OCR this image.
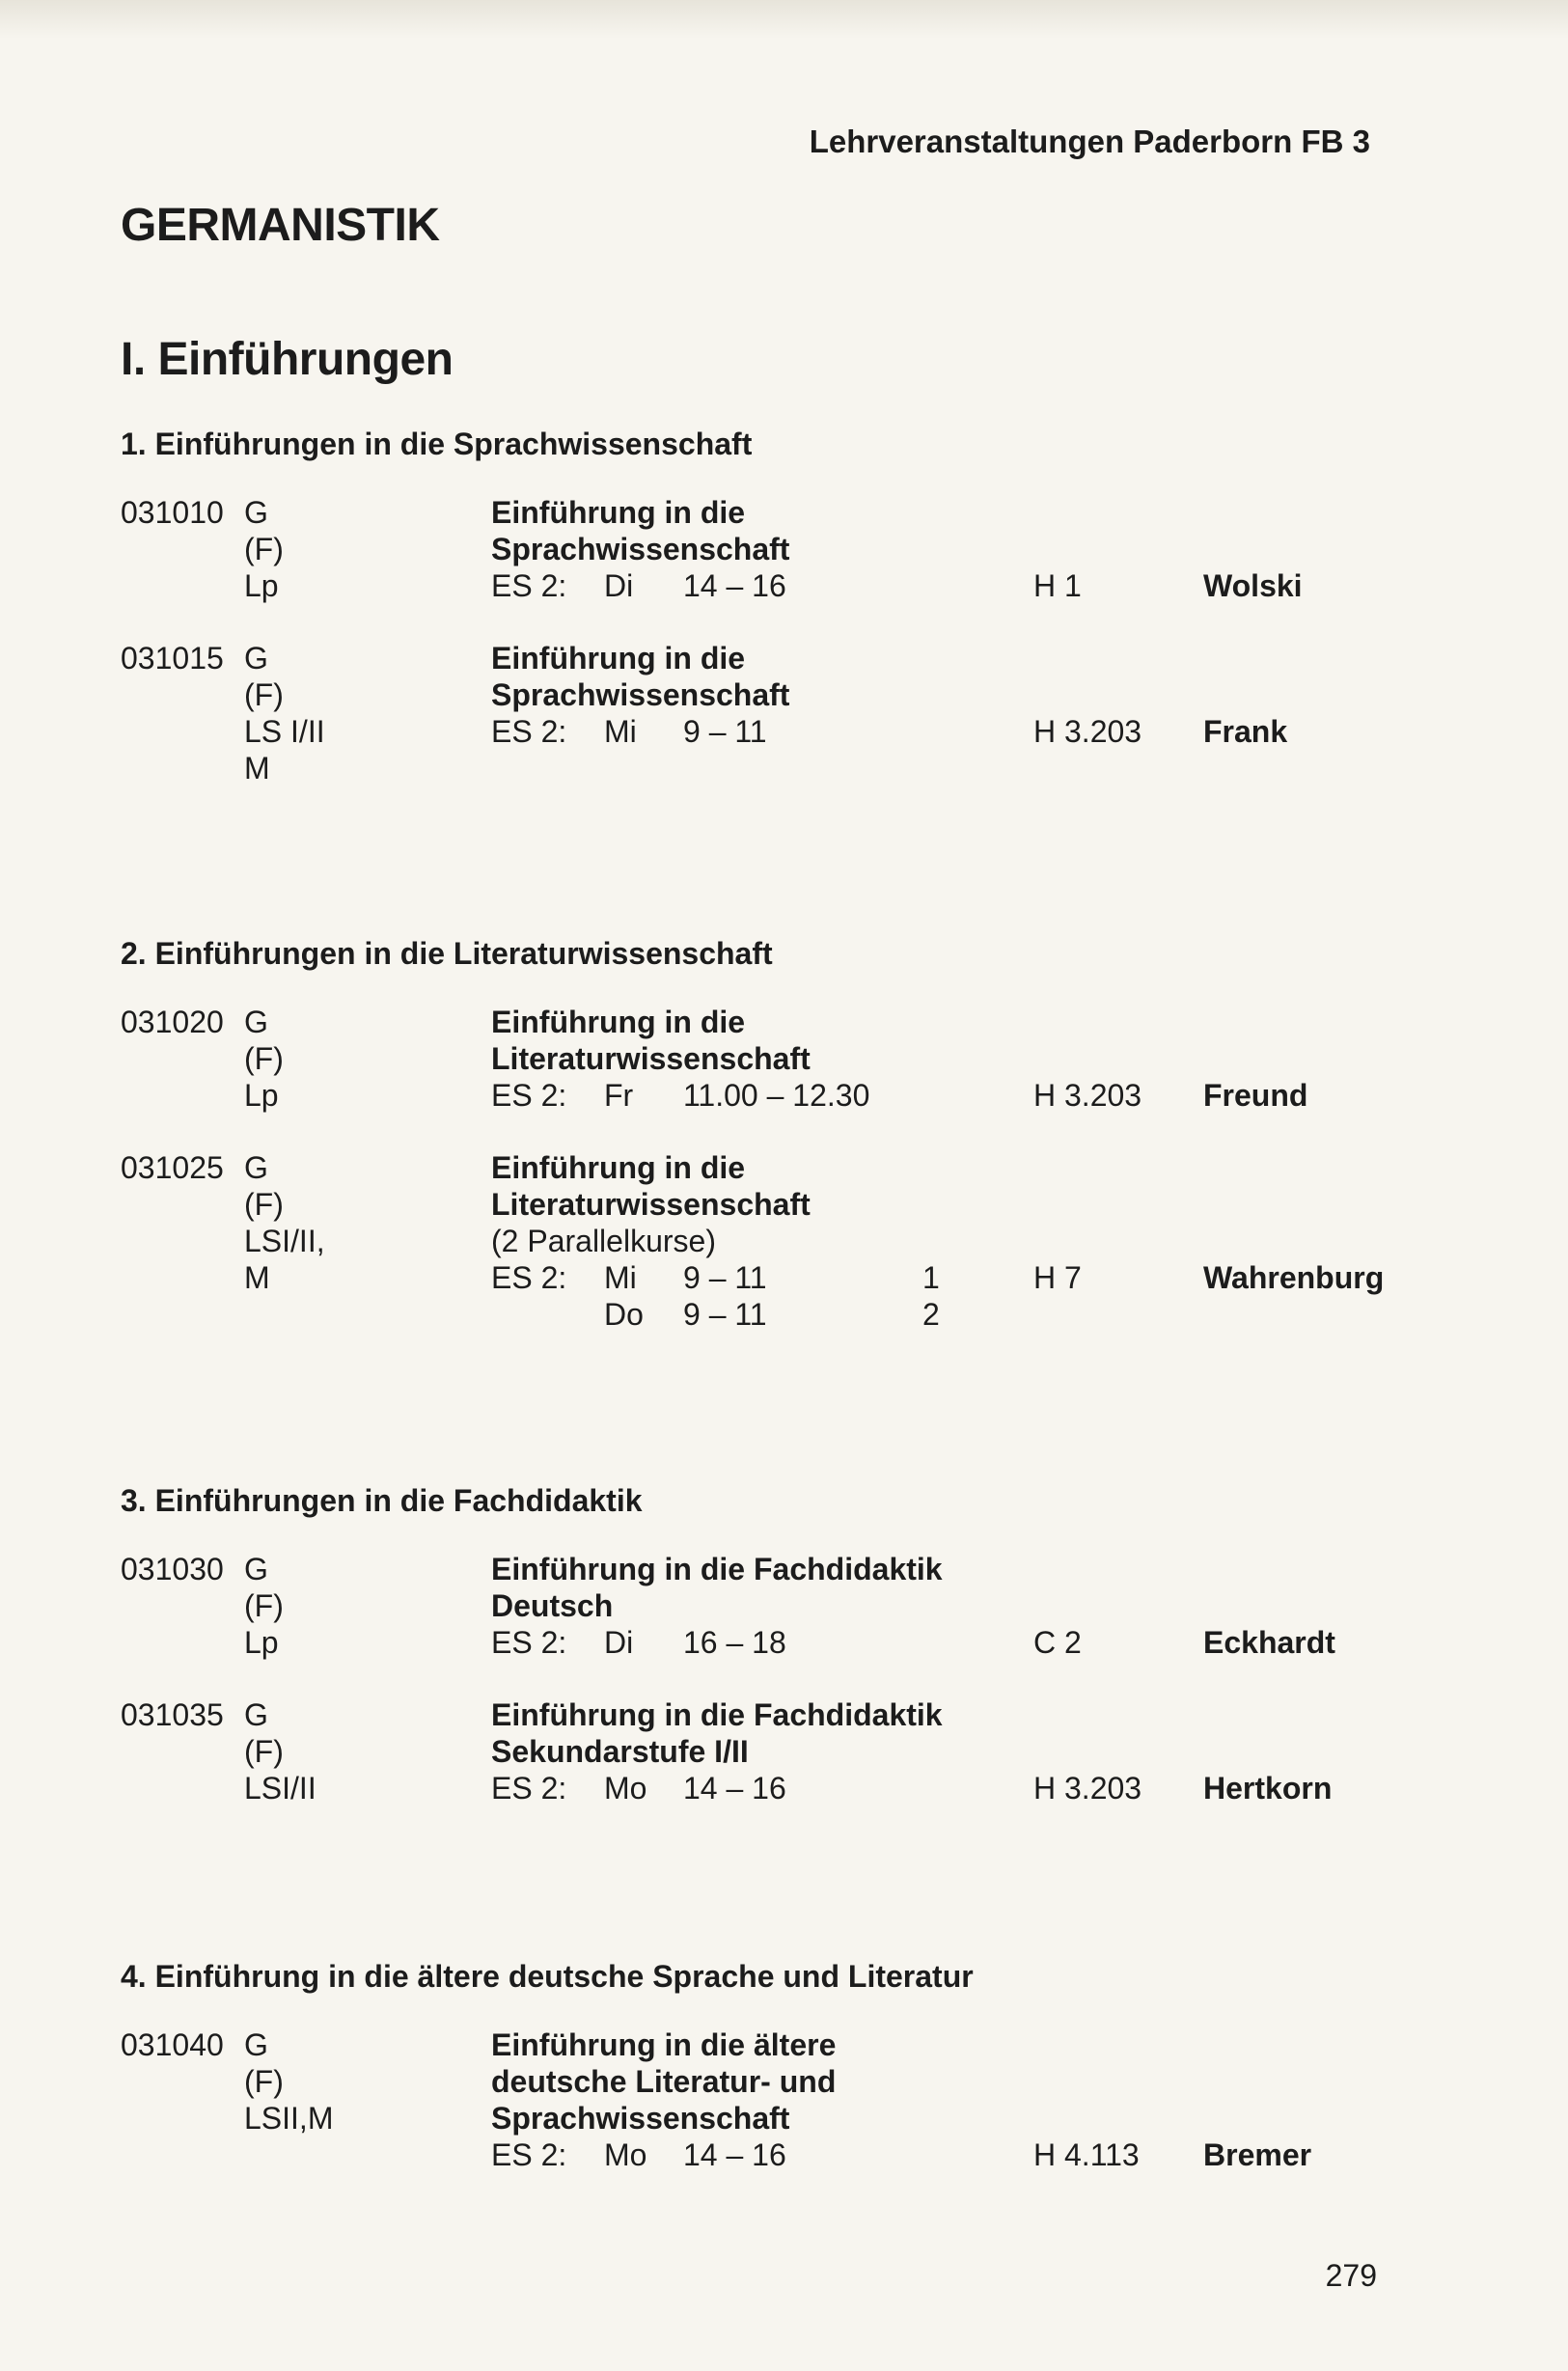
Lehrveranstaltungen Paderborn FB 3
GERMANISTIK
I. Einführungen
1. Einführungen in die Sprachwissenschaft
031010 G	Einführung in die
(F)	Sprachwissenschaft
Lp	ES 2: Di 14 – 16	H 1	Wolski
031015 G	Einführung in die
(F)	Sprachwissenschaft
LS I/II	ES 2: Mi 9 – 11	H 3.203	Frank
M
2. Einführungen in die Literaturwissenschaft
031020 G	Einführung in die
(F)	Literaturwissenschaft
Lp	ES 2: Fr 11.00 – 12.30	H 3.203	Freund
031025 G	Einführung in die
(F)	Literaturwissenschaft
LSI/II,	(2 Parallelkurse)
M	ES 2: Mi 9 – 11	1	H 7	Wahrenburg
Do 9 – 11	2
3. Einführungen in die Fachdidaktik
031030 G	Einführung in die Fachdidaktik
(F)	Deutsch
Lp	ES 2: Di 16 – 18	C 2	Eckhardt
031035 G	Einführung in die Fachdidaktik
(F)	Sekundarstufe I/II
LSI/II	ES 2: Mo 14 – 16	H 3.203	Hertkorn
4. Einführung in die ältere deutsche Sprache und Literatur
031040 G	Einführung in die ältere
(F)	deutsche Literatur- und
LSII,M	Sprachwissenschaft
ES 2: Mo 14 – 16	H 4.113	Bremer
279
